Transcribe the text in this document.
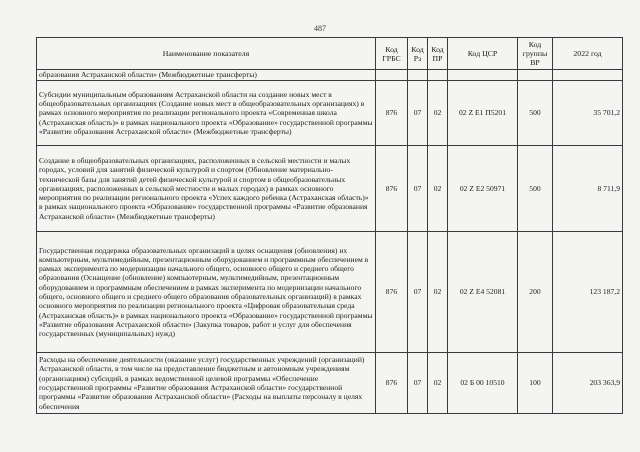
487
Наименование показателя	Код ГРБС	Код Рз	Код ПР	Код ЦСР	Код группы ВР	2022 год
образования Астраханской области» (Межбюджетные трансферты)						
Субсидии муниципальным образованиям Астраханской области на создание новых мест в общеобразовательных организациях (Создание новых мест в общеобразовательных организациях) в рамках основного мероприятия по реализации регионального проекта «Современная школа (Астраханская область)» в рамках национального проекта «Образование» государственной программы «Развитие образования Астраханской области» (Межбюджетные трансферты)	876	07	02	02 Z E1 П5201	500	35 701,2
Создание в общеобразовательных организациях, расположенных в сельской местности и малых городах, условий для занятий физической культурой и спортом (Обновление материально-технической базы для занятий детей физической культурой и спортом в общеобразовательных организациях, расположенных в сельской местности и малых городах) в рамках основного мероприятия по реализации регионального проекта «Успех каждого ребенка (Астраханская область)» в рамках национального проекта «Образование» государственной программы «Развитие образования Астраханской области» (Межбюджетные трансферты)	876	07	02	02 Z E2 50971	500	8 711,9
Государственная поддержка образовательных организаций в целях оснащения (обновления) их компьютерным, мультимедийным, презентационным оборудованием и программным обеспечением в рамках эксперимента по модернизации начального общего, основного общего и среднего общего образования (Оснащение (обновление) компьютерным, мультимедийным, презентационным оборудованием и программным обеспечением в рамках эксперимента по модернизации начального общего, основного общего и среднего общего образования образовательных организаций) в рамках основного мероприятия по реализации регионального проекта «Цифровая образовательная среда (Астраханская область)» в рамках национального проекта «Образование» государственной программы «Развитие образования Астраханской области» (Закупка товаров, работ и услуг для обеспечения государственных (муниципальных) нужд)	876	07	02	02 Z E4 52081	200	123 187,2
Расходы на обеспечение деятельности (оказание услуг) государственных учреждений (организаций) Астраханской области, в том числе на предоставление бюджетным и автономным учреждениям (организациям) субсидий, в рамках ведомственной целевой программы «Обеспечение государственной программы «Развитие образования Астраханской области» государственной программы «Развитие образования Астраханской области» (Расходы на выплаты персоналу в целях обеспечения	876	07	02	02 Б 00 10510	100	203 363,9
